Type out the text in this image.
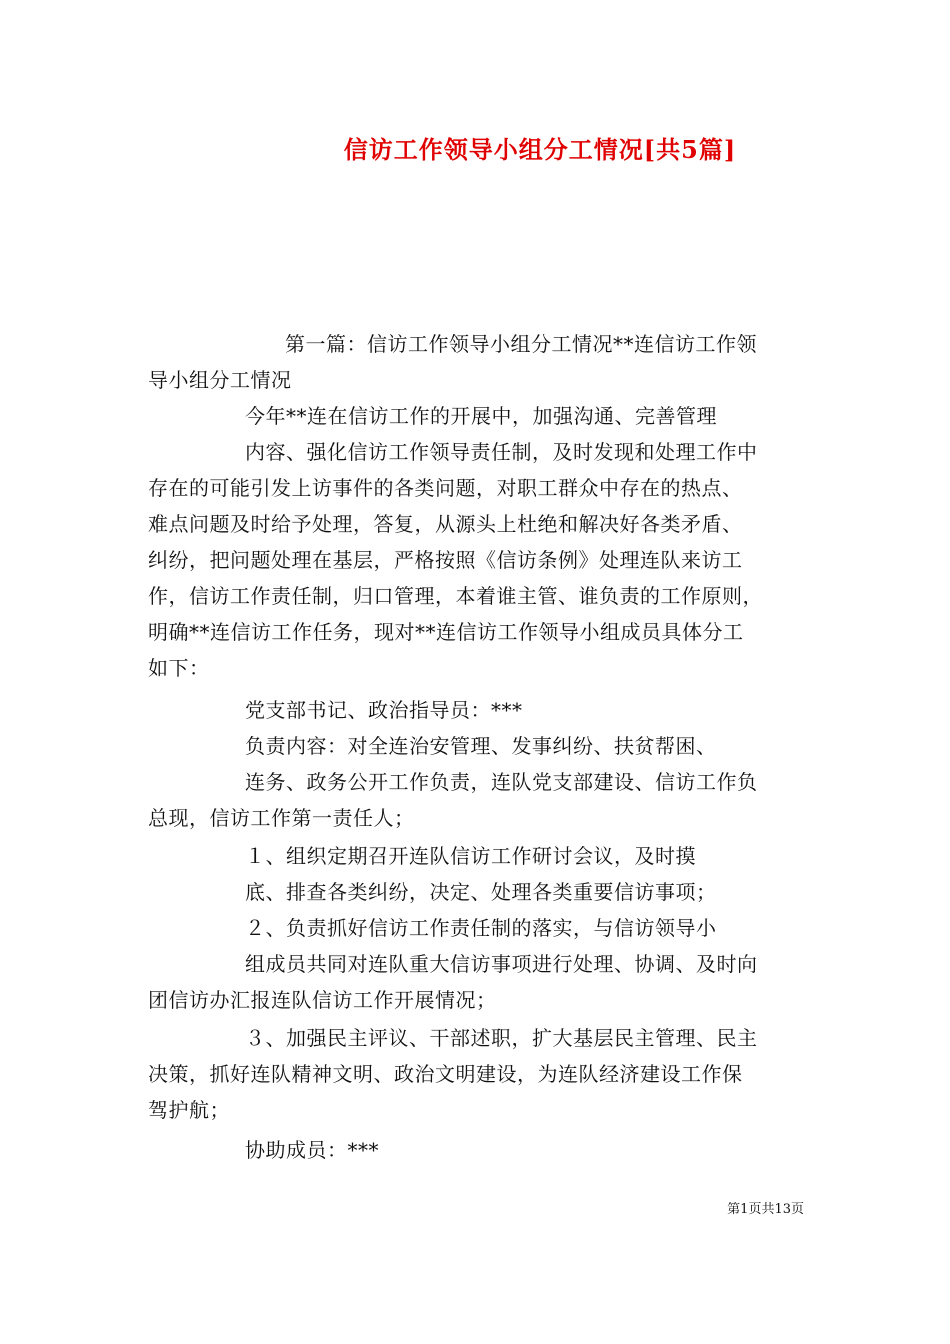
信访工作领导小组分工情况[共5篇]
第一篇：信访工作领导小组分工情况**连信访工作领
导小组分工情况
今年**连在信访工作的开展中，加强沟通、完善管理
内容、强化信访工作领导责任制，及时发现和处理工作中
存在的可能引发上访事件的各类问题，对职工群众中存在的热点、
难点问题及时给予处理，答复，从源头上杜绝和解决好各类矛盾、
纠纷，把问题处理在基层，严格按照《信访条例》处理连队来访工
作，信访工作责任制，归口管理，本着谁主管、谁负责的工作原则，
明确**连信访工作任务，现对**连信访工作领导小组成员具体分工
如下：
党支部书记、政治指导员：***
负责内容：对全连治安管理、发事纠纷、扶贫帮困、
连务、政务公开工作负责，连队党支部建设、信访工作负
总现，信访工作第一责任人；
１、组织定期召开连队信访工作研讨会议，及时摸
底、排查各类纠纷，决定、处理各类重要信访事项；
２、负责抓好信访工作责任制的落实，与信访领导小
组成员共同对连队重大信访事项进行处理、协调、及时向
团信访办汇报连队信访工作开展情况；
３、加强民主评议、干部述职，扩大基层民主管理、民主
决策，抓好连队精神文明、政治文明建设，为连队经济建设工作保
驾护航；
协助成员：***
第1页共13页
